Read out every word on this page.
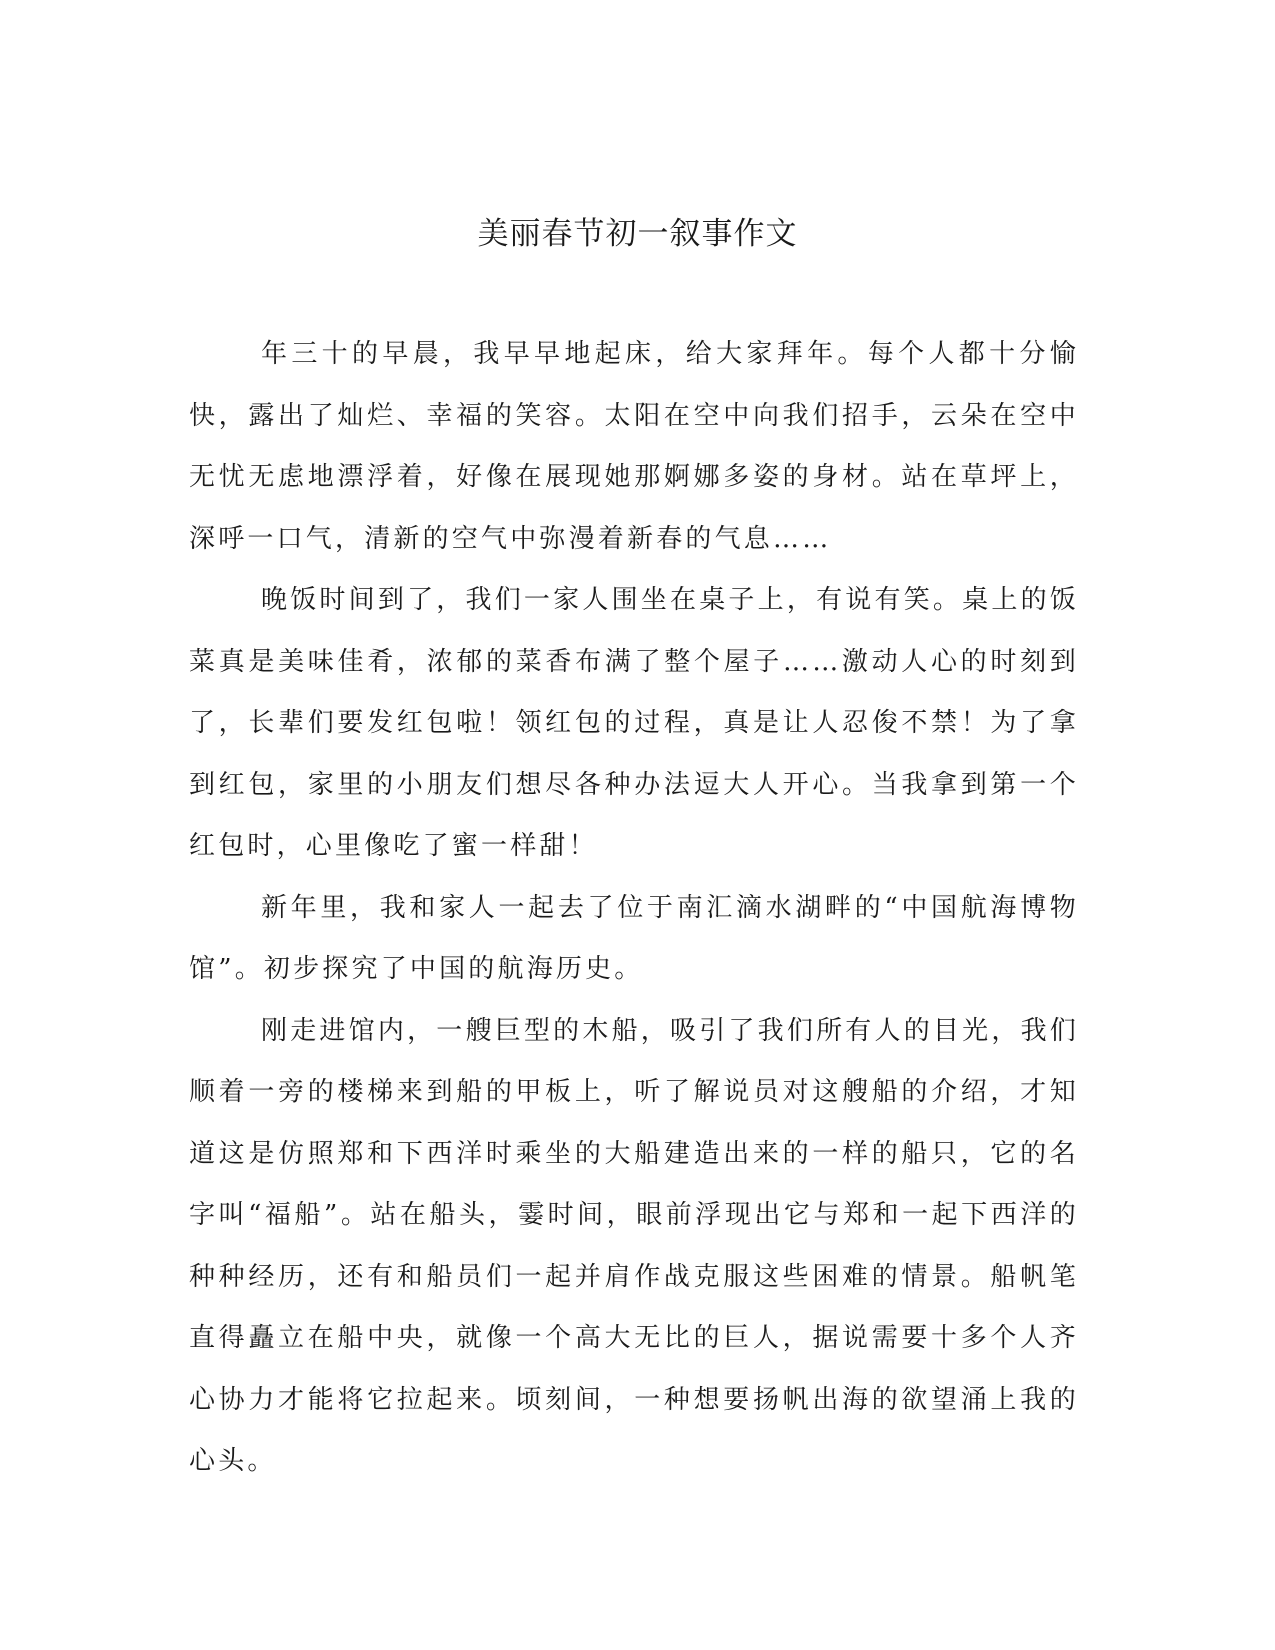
美丽春节初一叙事作文

年三十的早晨，我早早地起床，给大家拜年。每个人都十分愉快，露出了灿烂、幸福的笑容。太阳在空中向我们招手，云朵在空中无忧无虑地漂浮着，好像在展现她那婀娜多姿的身材。站在草坪上，深呼一口气，清新的空气中弥漫着新春的气息……

晚饭时间到了，我们一家人围坐在桌子上，有说有笑。桌上的饭菜真是美味佳肴，浓郁的菜香布满了整个屋子……激动人心的时刻到了，长辈们要发红包啦！领红包的过程，真是让人忍俊不禁！为了拿到红包，家里的小朋友们想尽各种办法逗大人开心。当我拿到第一个红包时，心里像吃了蜜一样甜！

新年里，我和家人一起去了位于南汇滴水湖畔的“中国航海博物馆”。初步探究了中国的航海历史。

刚走进馆内，一艘巨型的木船，吸引了我们所有人的目光，我们顺着一旁的楼梯来到船的甲板上，听了解说员对这艘船的介绍，才知道这是仿照郑和下西洋时乘坐的大船建造出来的一样的船只，它的名字叫“福船”。站在船头，霎时间，眼前浮现出它与郑和一起下西洋的种种经历，还有和船员们一起并肩作战克服这些困难的情景。船帆笔直得矗立在船中央，就像一个高大无比的巨人，据说需要十多个人齐心协力才能将它拉起来。顷刻间，一种想要扬帆出海的欲望涌上我的心头。
